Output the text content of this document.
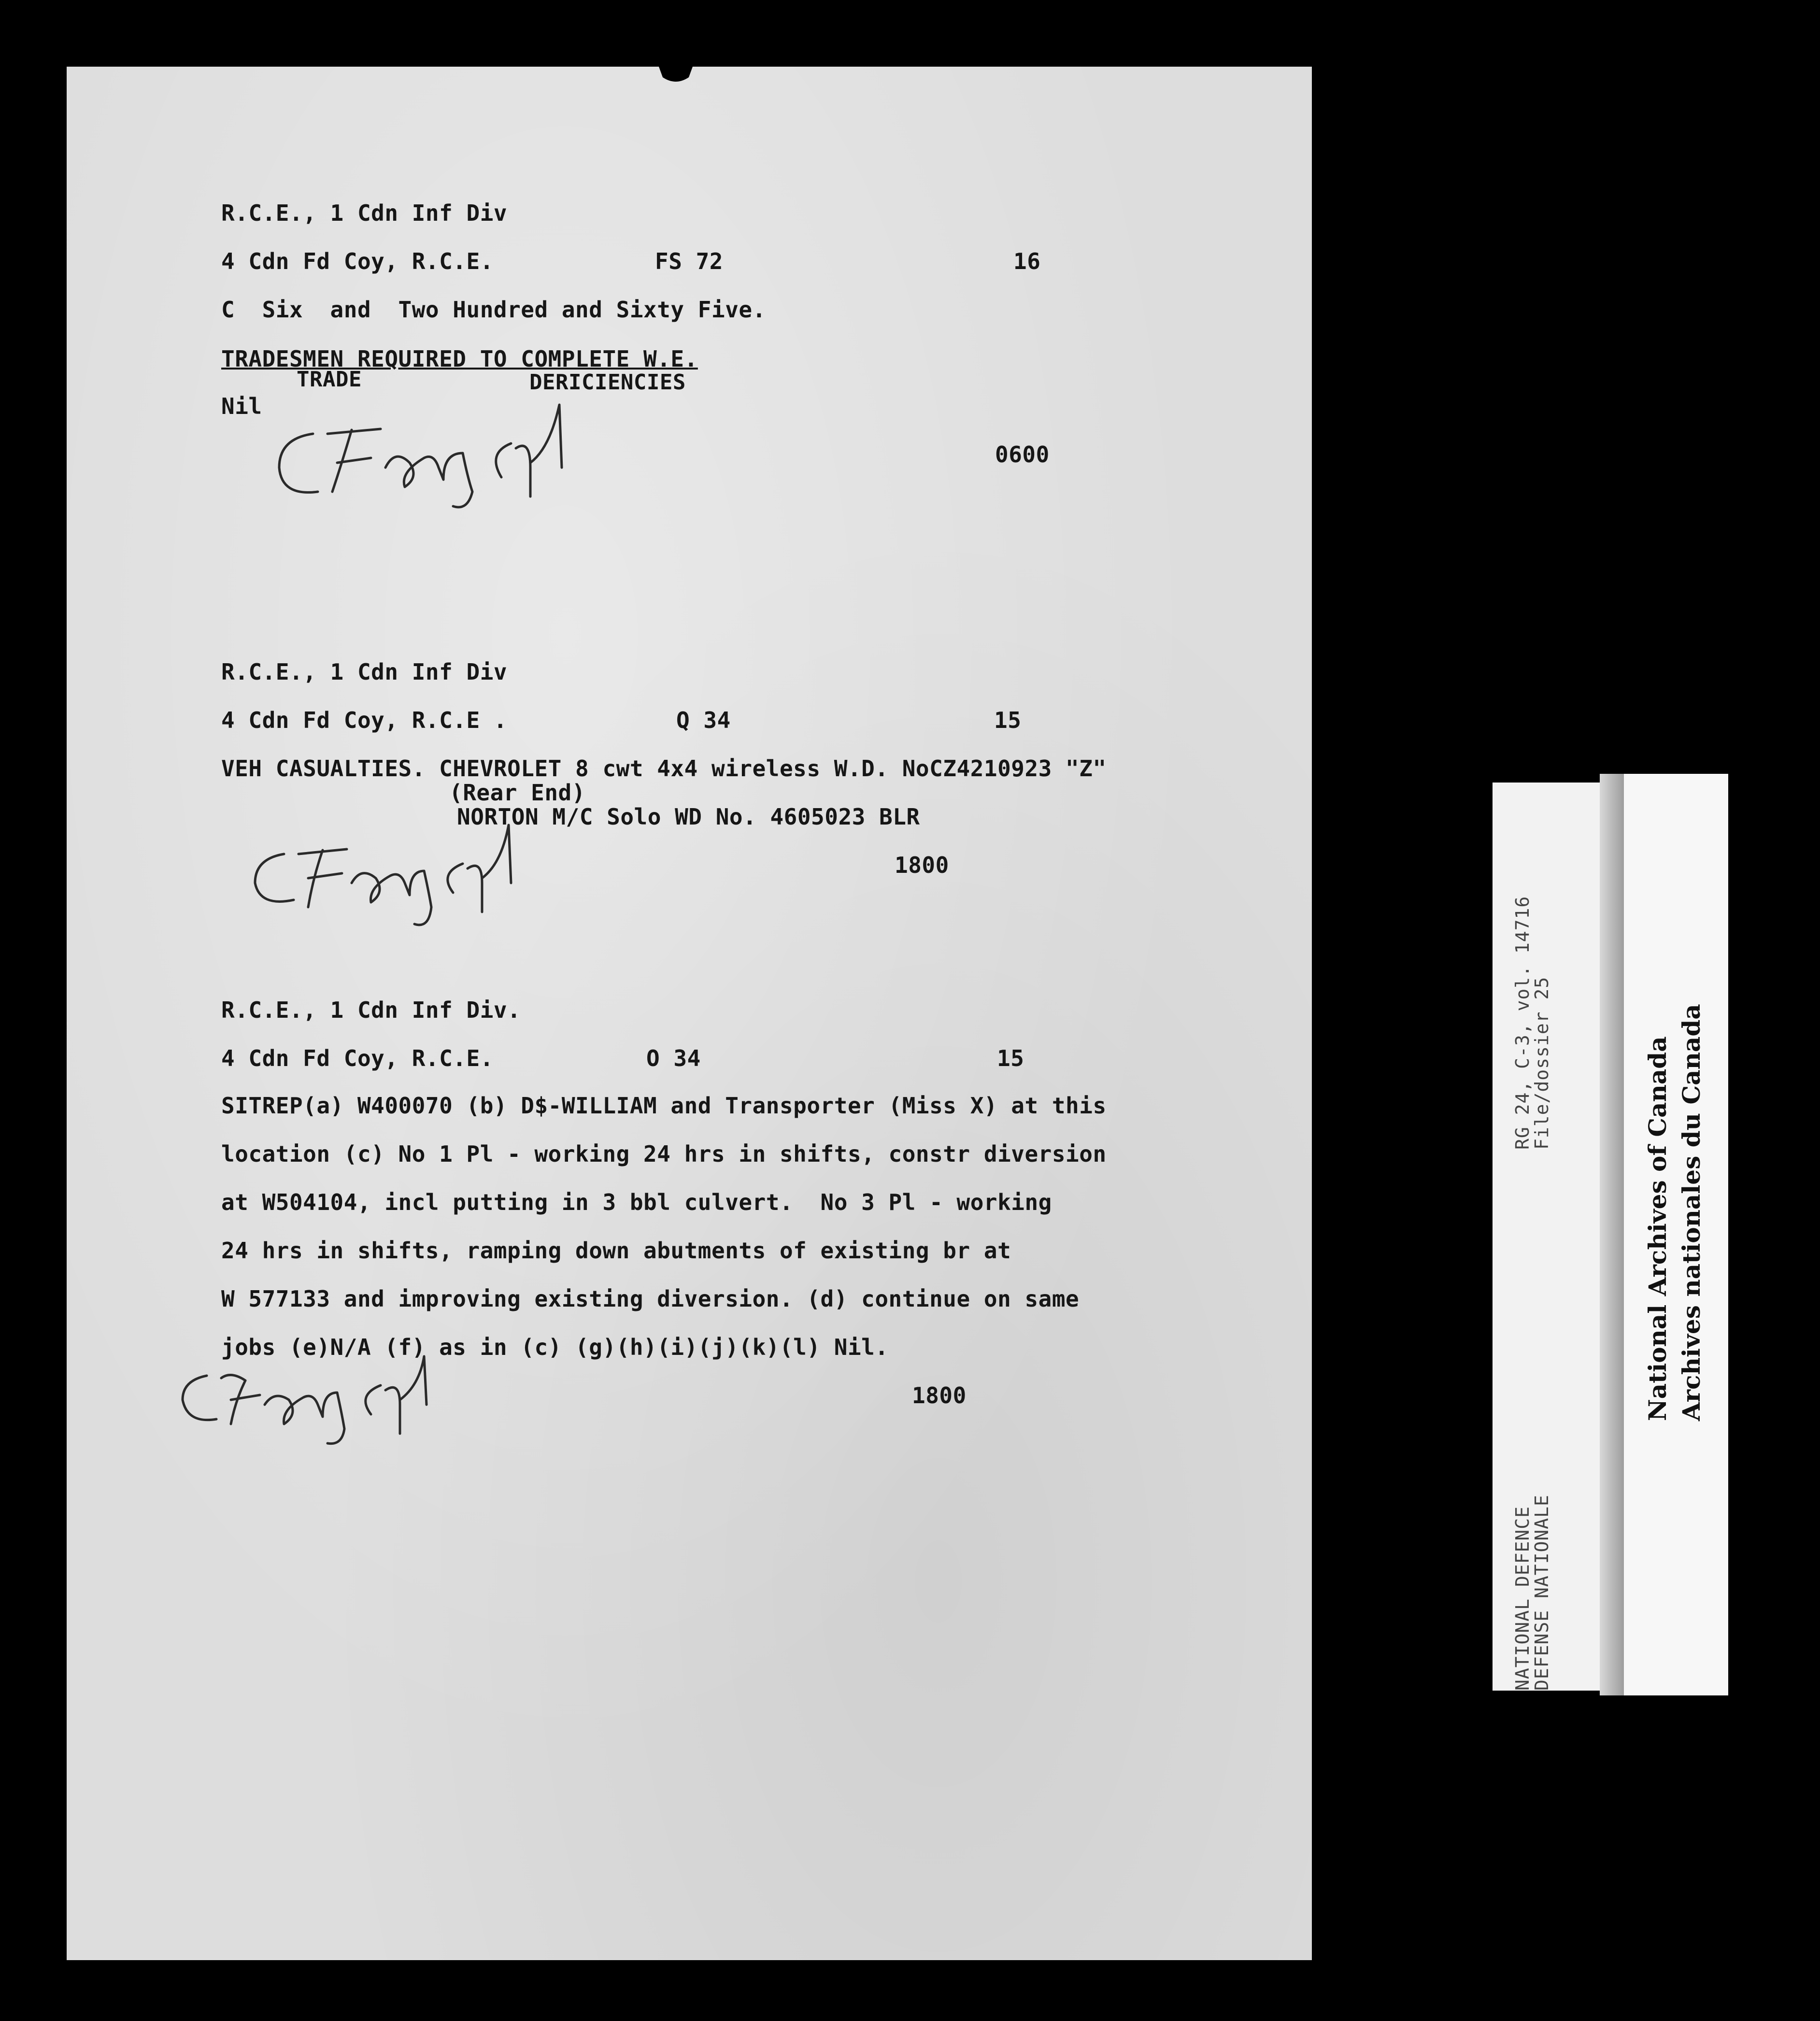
R.C.E., 1 Cdn Inf Div
4 Cdn Fd Coy, R.C.E.	FS 72	16
C  Six  and  Two Hundred and Sixty Five.
TRADESMEN REQUIRED TO COMPLETE W.E.
TRADE	DERICIENCIES
Nil
0600
R.C.E., 1 Cdn Inf Div
4 Cdn Fd Coy, R.C.E .	Q 34	15
VEH CASUALTIES. CHEVROLET 8 cwt 4x4 wireless W.D. NoCZ4210923 "Z"
(Rear End)
NORTON M/C Solo WD No. 4605023 BLR
1800
R.C.E., 1 Cdn Inf Div.
4 Cdn Fd Coy, R.C.E.	O 34	15
SITREP(a) W400070 (b) D$-WILLIAM and Transporter (Miss X) at this
location (c) No 1 Pl - working 24 hrs in shifts, constr diversion
at W504104, incl putting in 3 bbl culvert.  No 3 Pl - working
24 hrs in shifts, ramping down abutments of existing br at
W 577133 and improving existing diversion. (d) continue on same
jobs (e)N/A (f) as in (c) (g)(h)(i)(j)(k)(l) Nil.
1800
RG 24, C-3, vol. 14716
File/dossier 25
NATIONAL DEFENCE
DEFENSE NATIONALE
National Archives of Canada Archives nationales du Canada
